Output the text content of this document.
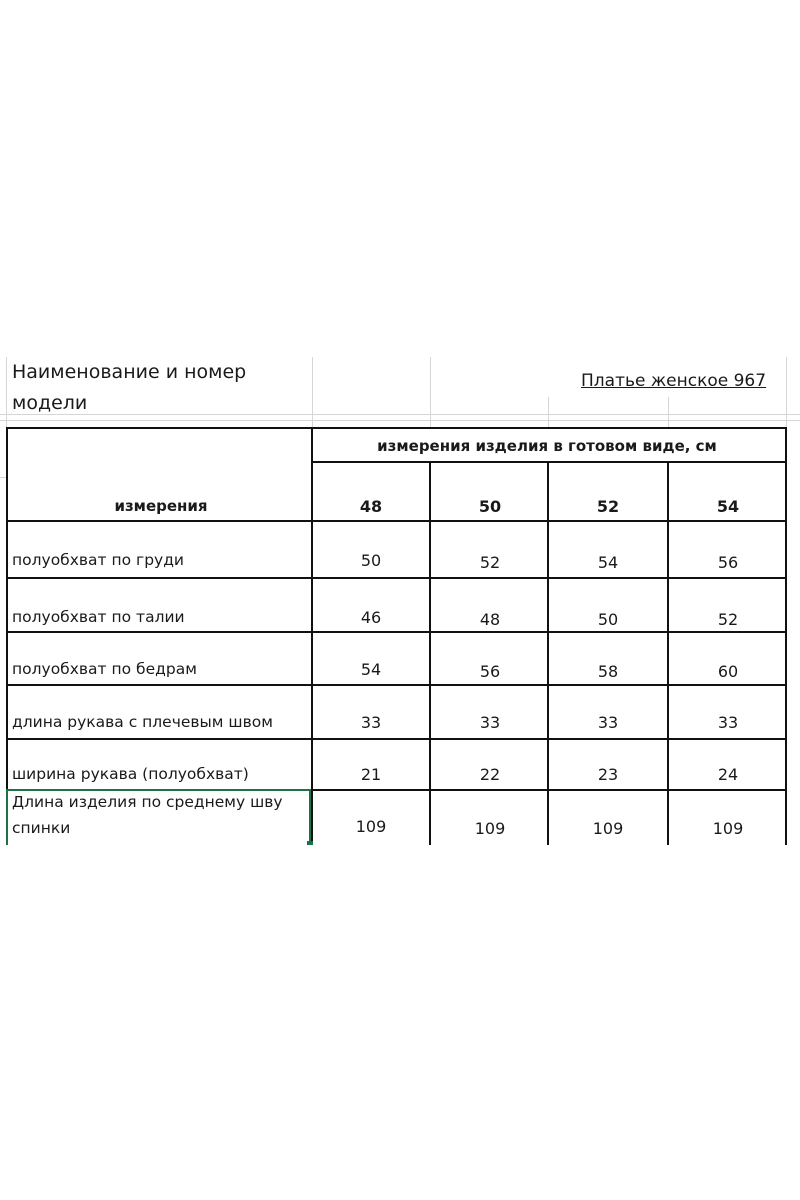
Наименование и номер модели
Платье женское 967
измерения изделия в готовом виде, см
измерения	48	50	52	54
полуобхват по груди	50	52	54	56
полуобхват по талии	46	48	50	52
полуобхват по бедрам	54	56	58	60
длина рукава с плечевым швом	33	33	33	33
ширина рукава (полуобхват)	21	22	23	24
Длина изделия по среднему шву спинки	109	109	109	109
